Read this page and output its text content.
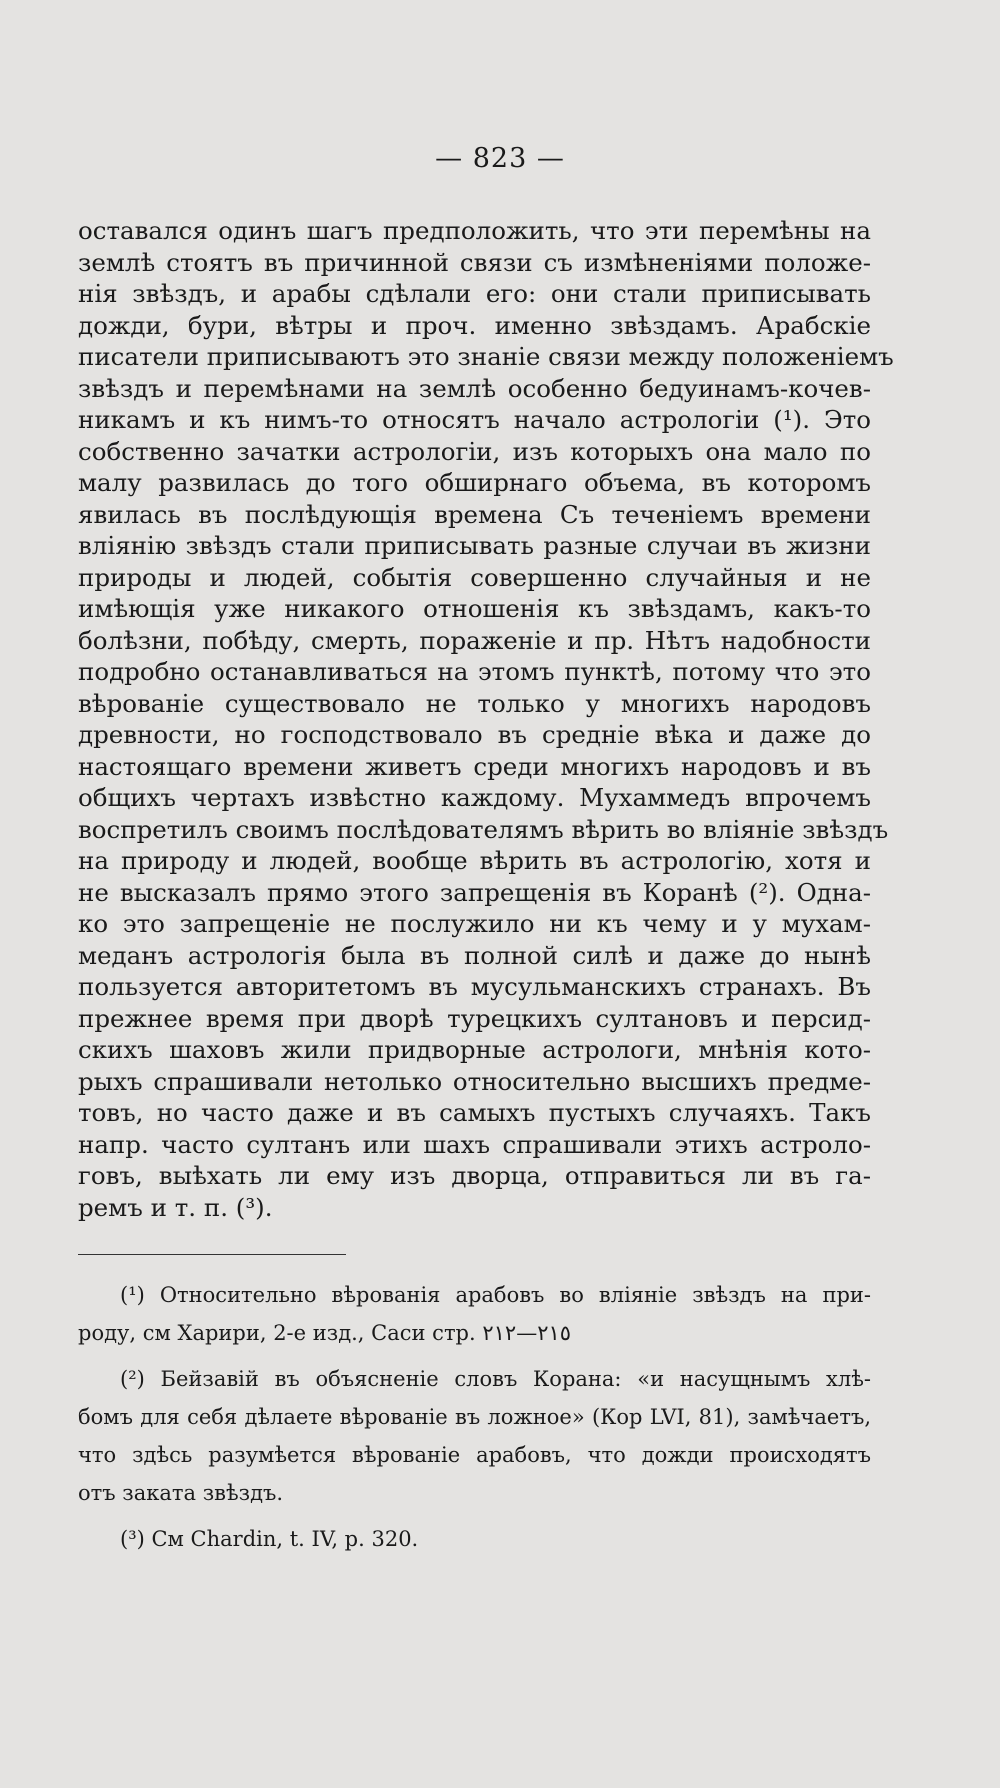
— 823 —
оставался одинъ шагъ предположить, что эти перемѣны на
землѣ стоятъ въ причинной связи съ измѣненіями положе-
нія звѣздъ, и арабы сдѣлали его: они стали приписывать
дожди, бури, вѣтры и проч. именно звѣздамъ. Арабскіе
писатели приписываютъ это знаніе связи между положеніемъ
звѣздъ и перемѣнами на землѣ особенно бедуинамъ-кочев-
никамъ и къ нимъ-то относятъ начало астрологіи (¹). Это
собственно зачатки астрологіи, изъ которыхъ она мало по
малу развилась до того обширнаго объема, въ которомъ
явилась въ послѣдующія времена Съ теченіемъ времени
вліянію звѣздъ стали приписывать разные случаи въ жизни
природы и людей, событія совершенно случайныя и не
имѣющія уже никакого отношенія къ звѣздамъ, какъ-то
болѣзни, побѣду, смерть, пораженіе и пр. Нѣтъ надобности
подробно останавливаться на этомъ пунктѣ, потому что это
вѣрованіе существовало не только у многихъ народовъ
древности, но господствовало въ средніе вѣка и даже до
настоящаго времени живетъ среди многихъ народовъ и въ
общихъ чертахъ извѣстно каждому. Мухаммедъ впрочемъ
воспретилъ своимъ послѣдователямъ вѣрить во вліяніе звѣздъ
на природу и людей, вообще вѣрить въ астрологію, хотя и
не высказалъ прямо этого запрещенія въ Коранѣ (²). Одна-
ко это запрещеніе не послужило ни къ чему и у мухам-
меданъ астрологія была въ полной силѣ и даже до нынѣ
пользуется авторитетомъ въ мусульманскихъ странахъ. Въ
прежнее время при дворѣ турецкихъ султановъ и персид-
скихъ шаховъ жили придворные астрологи, мнѣнія кото-
рыхъ спрашивали нетолько относительно высшихъ предме-
товъ, но часто даже и въ самыхъ пустыхъ случаяхъ. Такъ
напр. часто султанъ или шахъ спрашивали этихъ астроло-
говъ, выѣхать ли ему изъ дворца, отправиться ли въ га-
ремъ и т. п. (³).
(¹) Относительно вѣрованія арабовъ во вліяніе звѣздъ на при-
роду, см Харири, 2-е изд., Саси стр. ٢١٥—٢١٢
(²) Бейзавій въ объясненіе словъ Корана: «и насущнымъ хлѣ-
бомъ для себя дѣлаете вѣрованіе въ ложное» (Кор LVI, 81), замѣчаетъ,
что здѣсь разумѣется вѣрованіе арабовъ, что дожди происходятъ
отъ заката звѣздъ.
(³) См Chardin, t. IV, p. 320.
